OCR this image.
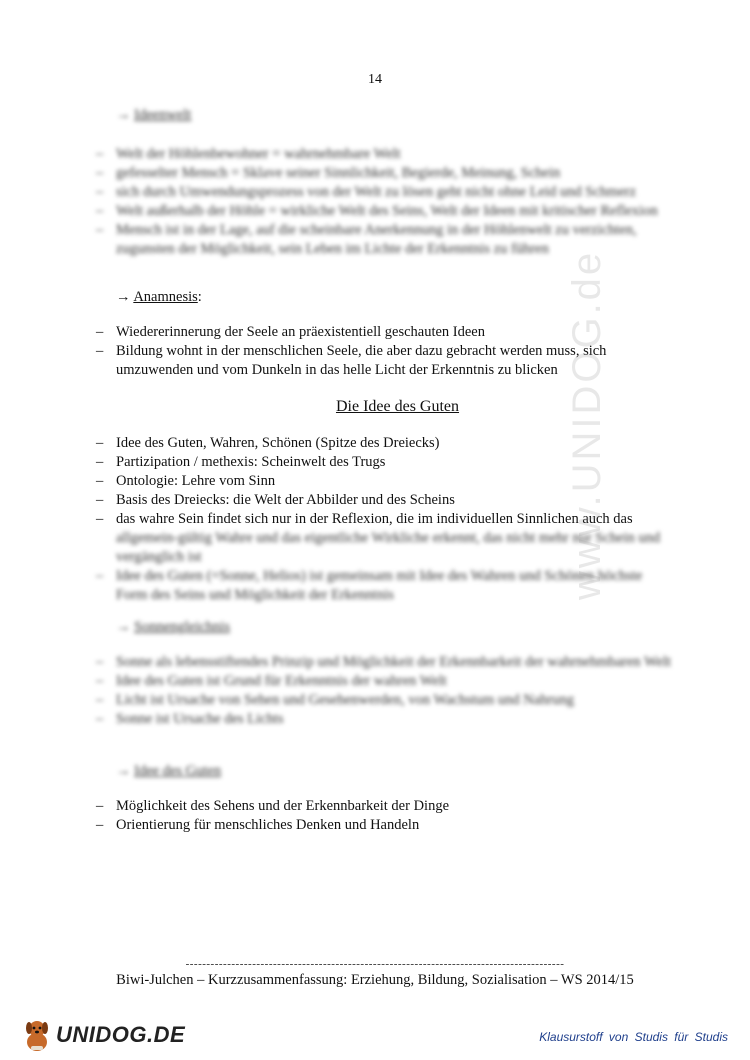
14
→ Ideenwelt
– Welt der Höhlenbewohner = wahrnehmbare Welt
– gefesselter Mensch = Sklave seiner Sinnlichkeit, Begierde, Meinung, Schein
– sich durch Umwendungsprozess von der Welt zu lösen geht nicht ohne Leid und Schmerz
– Welt außerhalb der Höhle = wirkliche Welt des Seins, Welt der Ideen mit kritischer Reflexion
– Mensch ist in der Lage, auf die scheinbare Anerkennung in der Höhlenwelt zu verzichten, zugunsten der Möglichkeit, sein Leben im Lichte der Erkenntnis zu führen
→ Anamnesis:
– Wiedererinnerung der Seele an präexistentiell geschauten Ideen
– Bildung wohnt in der menschlichen Seele, die aber dazu gebracht werden muss, sich umzuwenden und vom Dunkeln in das helle Licht der Erkenntnis zu blicken
Die Idee des Guten
– Idee des Guten, Wahren, Schönen (Spitze des Dreiecks)
– Partizipation / methexis: Scheinwelt des Trugs
– Ontologie: Lehre vom Sinn
– Basis des Dreiecks: die Welt der Abbilder und des Scheins
– das wahre Sein findet sich nur in der Reflexion, die im individuellen Sinnlichen auch das
allgemein-gültig Wahre und das eigentliche Wirkliche erkennt, das nicht mehr nur Schein und vergänglich ist
– Idee des Guten (=Sonne, Helios) ist gemeinsam mit Idee des Wahren und Schönen höchste Form des Seins und Möglichkeit der Erkenntnis
→ Sonnengleichnis
– Sonne als lebensstiftendes Prinzip und Möglichkeit der Erkennbarkeit der wahrnehmbaren Welt
– Idee des Guten ist Grund für Erkenntnis der wahren Welt
– Licht ist Ursache von Sehen und Gesehenwerden, von Wachstum und Nahrung
– Sonne ist Ursache des Lichts
→ Idee des Guten
– Möglichkeit des Sehens und der Erkennbarkeit der Dinge
– Orientierung für menschliches Denken und Handeln
www.UNIDOG.de
-------------------------------------------------------------------------------------------
Biwi-Julchen – Kurzzusammenfassung: Erziehung, Bildung, Sozialisation – WS 2014/15
UNIDOG.DE	Klausurstoff von Studis für Studis
